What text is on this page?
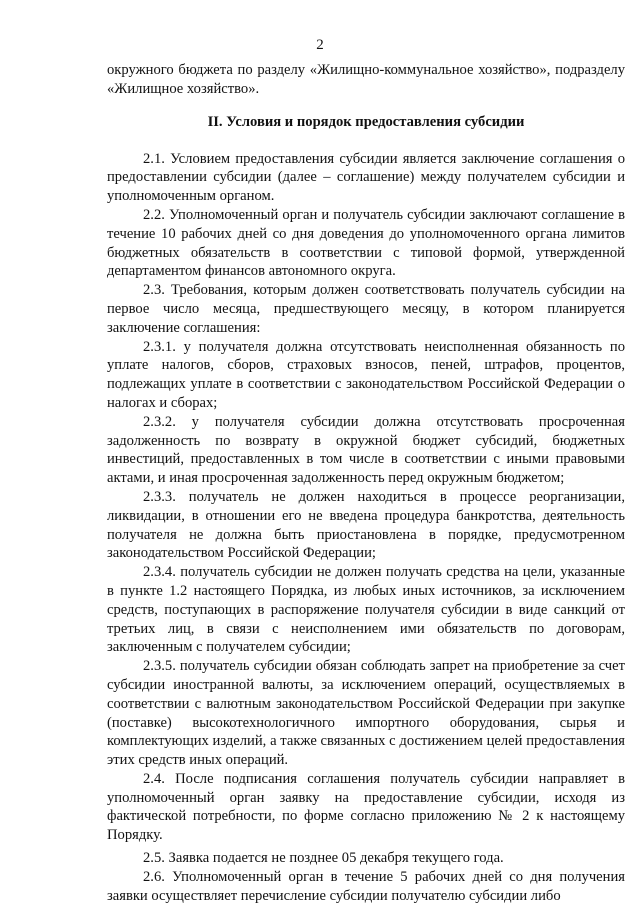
2

окружного бюджета по разделу «Жилищно-коммунальное хозяйство», подразделу «Жилищное хозяйство».

II. Условия и порядок предоставления субсидии

2.1. Условием предоставления субсидии является заключение соглашения о предоставлении субсидии (далее – соглашение) между получателем субсидии и уполномоченным органом.

2.2. Уполномоченный орган и получатель субсидии заключают соглашение в течение 10 рабочих дней со дня доведения до уполномоченного органа лимитов бюджетных обязательств в соответствии с типовой формой, утвержденной департаментом финансов автономного округа.

2.3. Требования, которым должен соответствовать получатель субсидии на первое число месяца, предшествующего месяцу, в котором планируется заключение соглашения:

2.3.1. у получателя должна отсутствовать неисполненная обязанность по уплате налогов, сборов, страховых взносов, пеней, штрафов, процентов, подлежащих уплате в соответствии с законодательством Российской Федерации о налогах и сборах;

2.3.2. у получателя субсидии должна отсутствовать просроченная задолженность по возврату в окружной бюджет субсидий, бюджетных инвестиций, предоставленных в том числе в соответствии с иными правовыми актами, и иная просроченная задолженность перед окружным бюджетом;

2.3.3. получатель не должен находиться в процессе реорганизации, ликвидации, в отношении его не введена процедура банкротства, деятельность получателя не должна быть приостановлена в порядке, предусмотренном законодательством Российской Федерации;

2.3.4. получатель субсидии не должен получать средства на цели, указанные в пункте 1.2 настоящего Порядка, из любых иных источников, за исключением средств, поступающих в распоряжение получателя субсидии в виде санкций от третьих лиц, в связи с неисполнением ими обязательств по договорам, заключенным с получателем субсидии;

2.3.5. получатель субсидии обязан соблюдать запрет на приобретение за счет субсидии иностранной валюты, за исключением операций, осуществляемых в соответствии с валютным законодательством Российской Федерации при закупке (поставке) высокотехнологичного импортного оборудования, сырья и комплектующих изделий, а также связанных с достижением целей предоставления этих средств иных операций.

2.4. После подписания соглашения получатель субсидии направляет в уполномоченный орган заявку на предоставление субсидии, исходя из фактической потребности, по форме согласно приложению № 2 к настоящему Порядку.

2.5. Заявка подается не позднее 05 декабря текущего года.

2.6. Уполномоченный орган в течение 5 рабочих дней со дня получения заявки осуществляет перечисление субсидии получателю субсидии либо
